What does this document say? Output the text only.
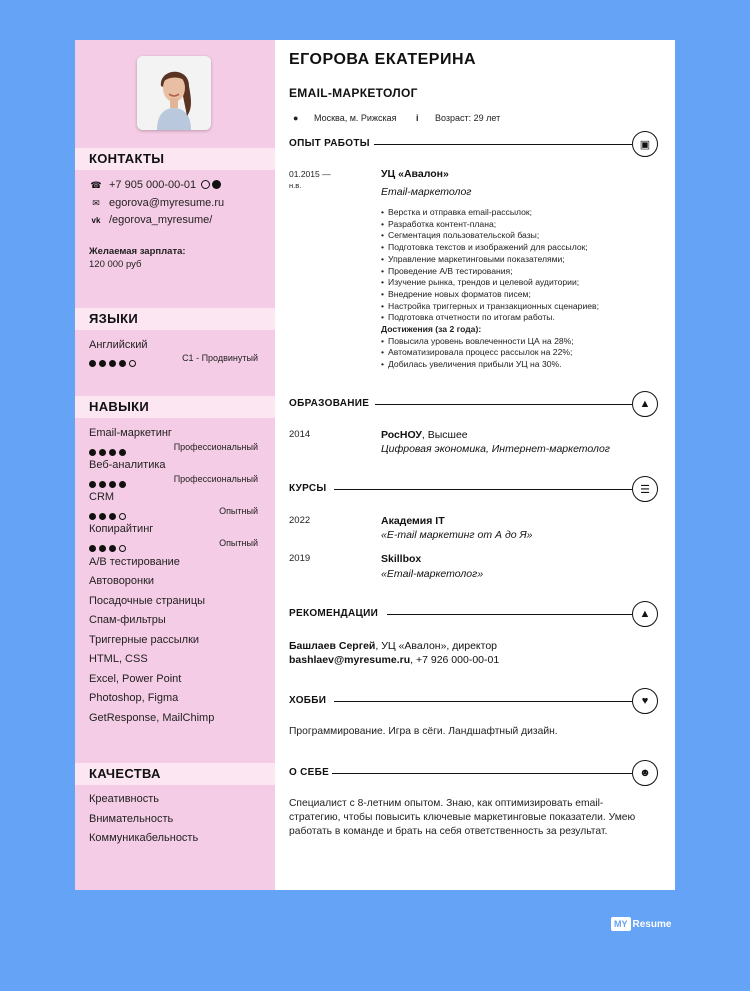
КОНТАКТЫ
☎ +7 905 000-00-01
✉ egorova@myresume.ru
vk /egorova_myresume/
Желаемая зарплата:
120 000 руб
ЯЗЫКИ
Английский
C1 - Продвинутый
НАВЫКИ
Email-маркетинг
Профессиональный
Веб-аналитика
Профессиональный
CRM
Опытный
Копирайтинг
Опытный
A/B тестирование
Автоворонки
Посадочные страницы
Спам-фильтры
Триггерные рассылки
HTML, CSS
Excel, Power Point
Photoshop, Figma
GetResponse, MailChimp
КАЧЕСТВА
Креативность
Внимательность
Коммуникабельность
ЕГОРОВА ЕКАТЕРИНА
EMAIL-МАРКЕТОЛОГ
● Москва, м. Рижская i Возраст: 29 лет
ОПЫТ РАБОТЫ	▣
01.2015 —
н.в.
УЦ «Авалон»
Email-маркетолог
• Верстка и отправка email-рассылок;
• Разработка контент-плана;
• Сегментация пользовательской базы;
• Подготовка текстов и изображений для рассылок;
• Управление маркетинговыми показателями;
• Проведение A/B тестирования;
• Изучение рынка, трендов и целевой аудитории;
• Внедрение новых форматов писем;
• Настройка триггерных и транзакционных сценариев;
• Подготовка отчетности по итогам работы.
Достижения (за 2 года):
• Повысила уровень вовлеченности ЦА на 28%;
• Автоматизировала процесс рассылок на 22%;
• Добилась увеличения прибыли УЦ на 30%.
ОБРАЗОВАНИЕ	▲
2014	РосНОУ, Высшее
Цифровая экономика, Интернет-маркетолог
КУРСЫ	☰
2022	Академия IT
«E-mail маркетинг от А до Я»
2019	Skillbox
«Email-маркетолог»
РЕКОМЕНДАЦИИ	▲
Башлаев Сергей, УЦ «Авалон», директор
bashlaev@myresume.ru, +7 926 000-00-01
ХОББИ	♥
Программирование. Игра в сёги. Ландшафтный дизайн.
О СЕБЕ	☻
Специалист с 8-летним опытом. Знаю, как оптимизировать email-стратегию, чтобы повысить ключевые маркетинговые показатели. Умею работать в команде и брать на себя ответственность за результат.
MY Resume
